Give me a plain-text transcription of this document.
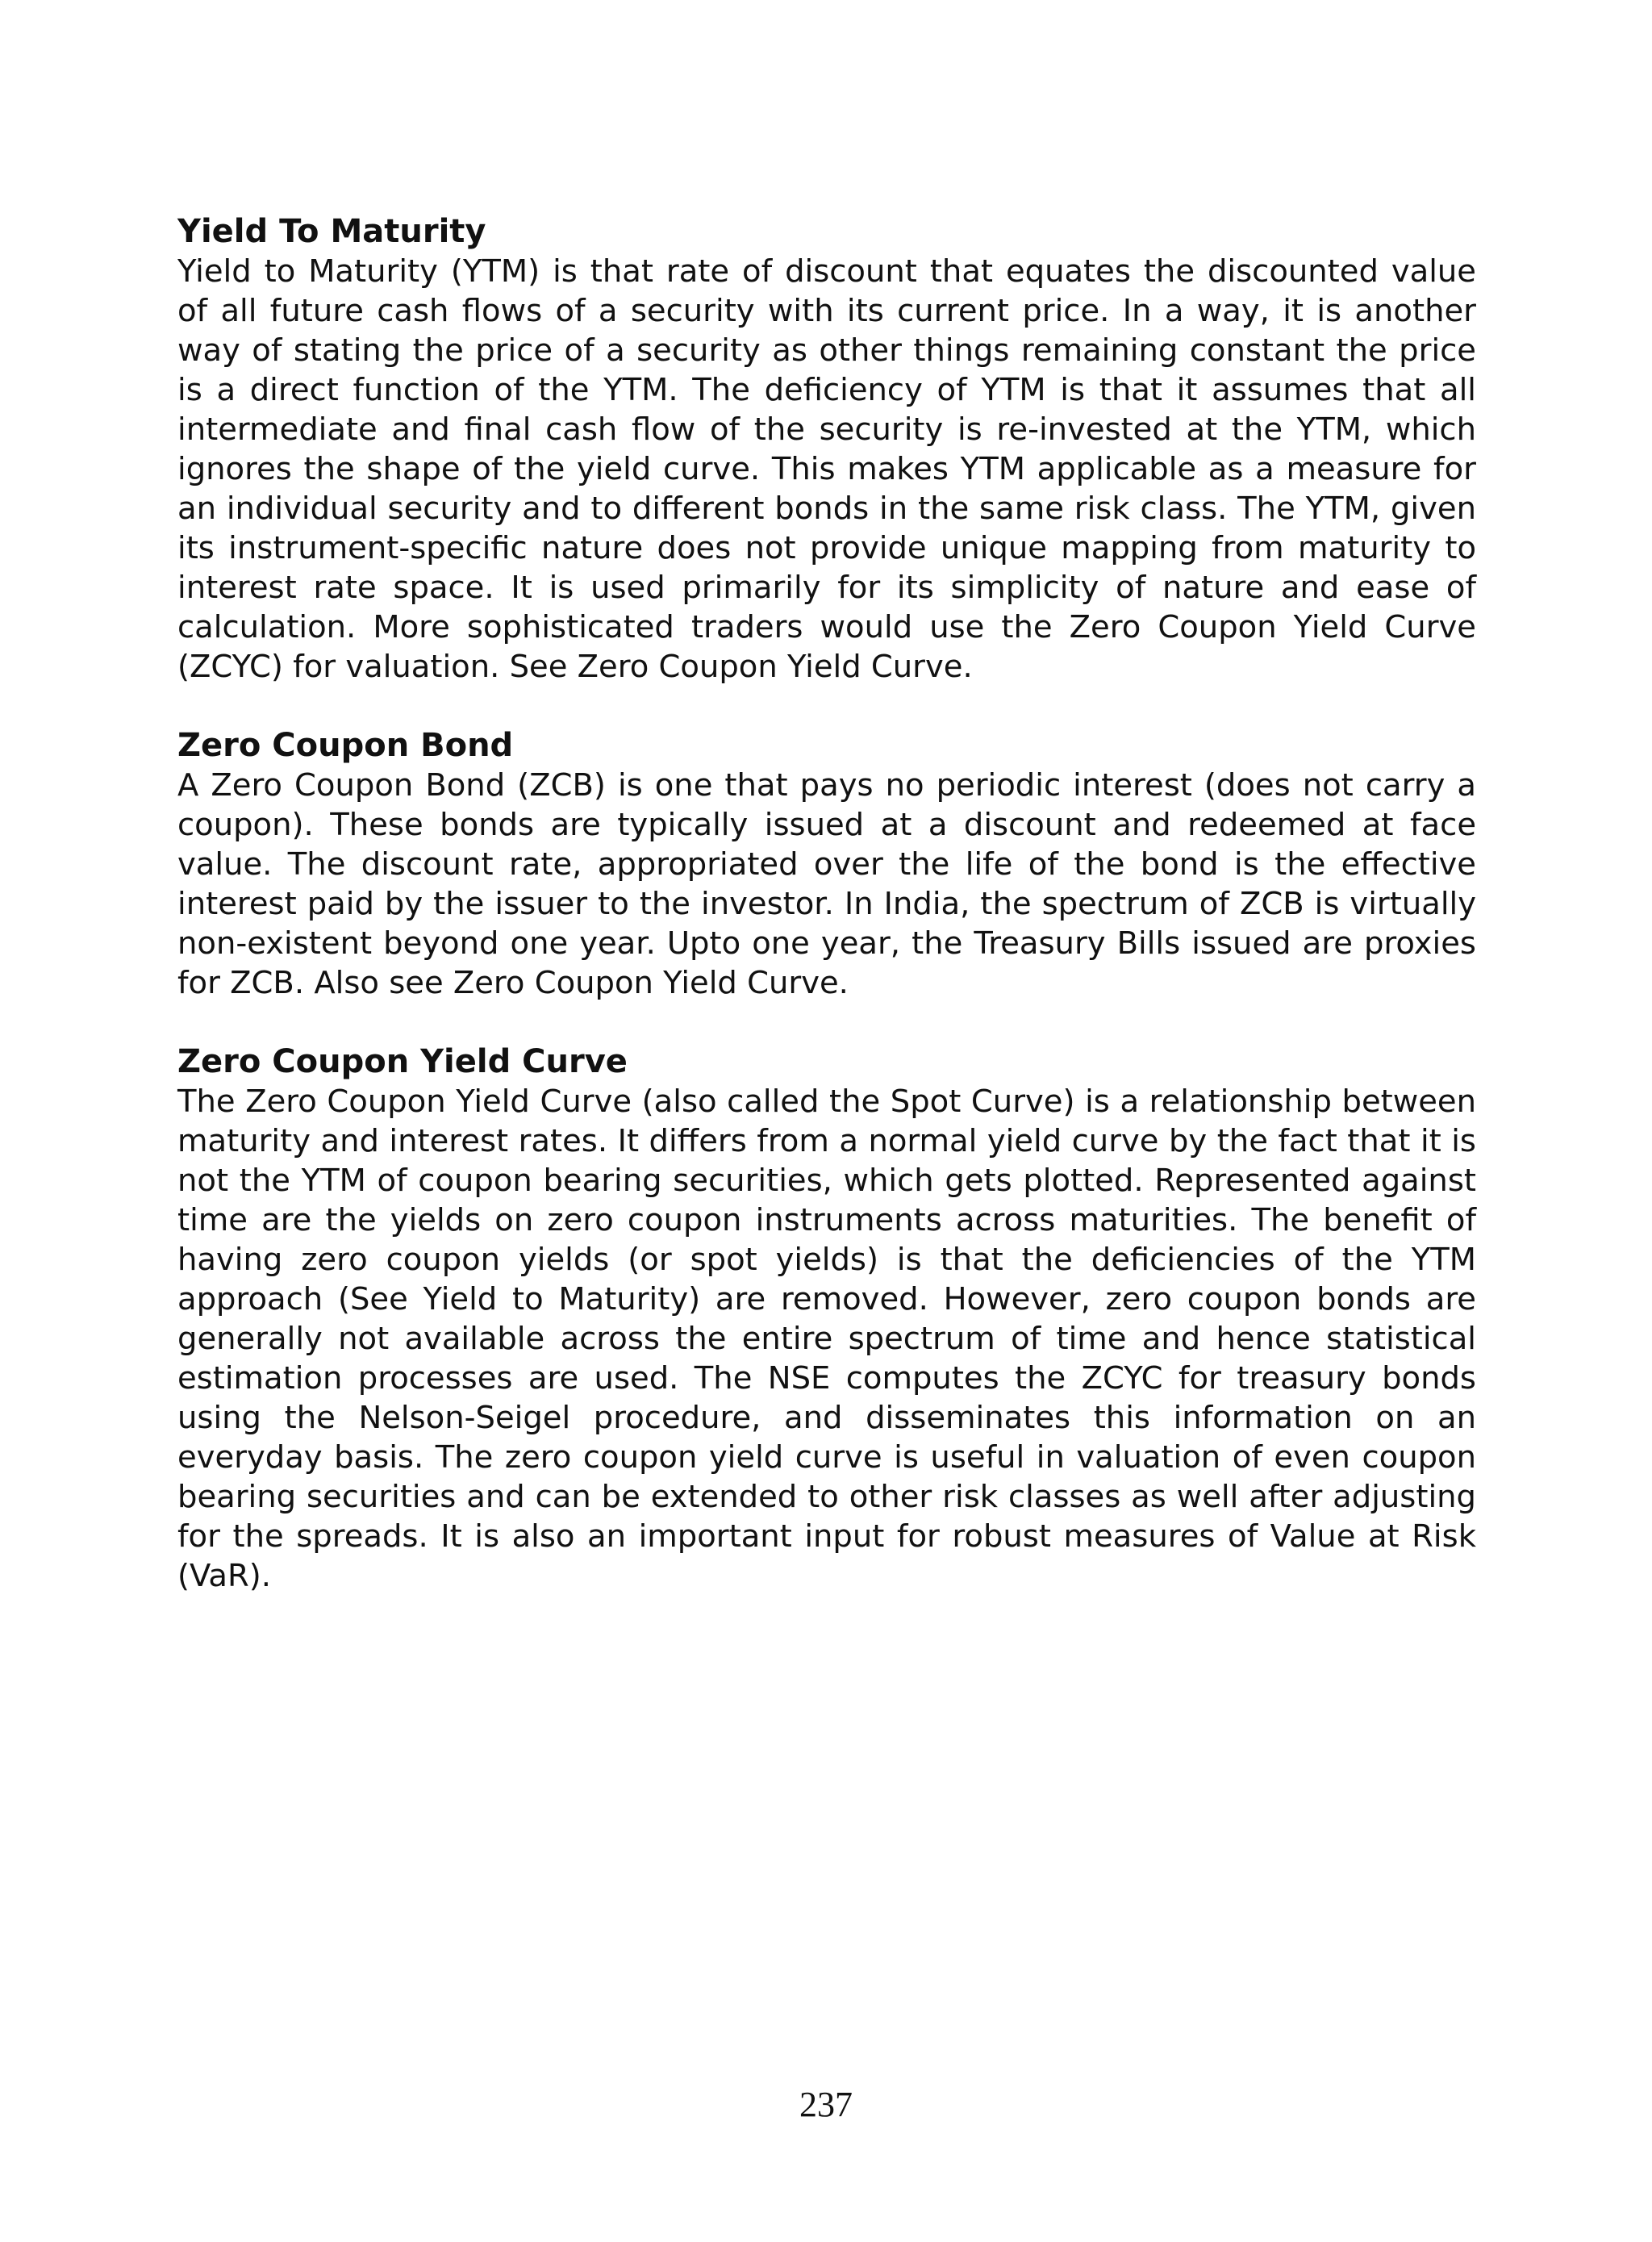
Yield To Maturity

Yield to Maturity (YTM) is that rate of discount that equates the discounted value of all future cash flows of a security with its current price. In a way, it is another way of stating the price of a security as other things remaining constant the price is a direct function of the YTM. The deficiency of YTM is that it assumes that all intermediate and final cash flow of the security is re-invested at the YTM, which ignores the shape of the yield curve. This makes YTM applicable as a measure for an individual security and to different bonds in the same risk class. The YTM, given its instrument-specific nature does not provide unique mapping from maturity to interest rate space. It is used primarily for its simplicity of nature and ease of calculation. More sophisticated traders would use the Zero Coupon Yield Curve (ZCYC) for valuation. See Zero Coupon Yield Curve.

Zero Coupon Bond

A Zero Coupon Bond (ZCB) is one that pays no periodic interest (does not carry a coupon). These bonds are typically issued at a discount and redeemed at face value. The discount rate, appropriated over the life of the bond is the effective interest paid by the issuer to the investor. In India, the spectrum of ZCB is virtually non-existent beyond one year. Upto one year, the Treasury Bills issued are proxies for ZCB. Also see Zero Coupon Yield Curve.

Zero Coupon Yield Curve

The Zero Coupon Yield Curve (also called the Spot Curve) is a relationship between maturity and interest rates. It differs from a normal yield curve by the fact that it is not the YTM of coupon bearing securities, which gets plotted. Represented against time are the yields on zero coupon instruments across maturities. The benefit of having zero coupon yields (or spot yields) is that the deficiencies of the YTM approach (See Yield to Maturity) are removed. However, zero coupon bonds are generally not available across the entire spectrum of time and hence statistical estimation processes are used. The NSE computes the ZCYC for treasury bonds using the Nelson-Seigel procedure, and disseminates this information on an everyday basis. The zero coupon yield curve is useful in valuation of even coupon bearing securities and can be extended to other risk classes as well after adjusting for the spreads. It is also an important input for robust measures of Value at Risk (VaR).

237
